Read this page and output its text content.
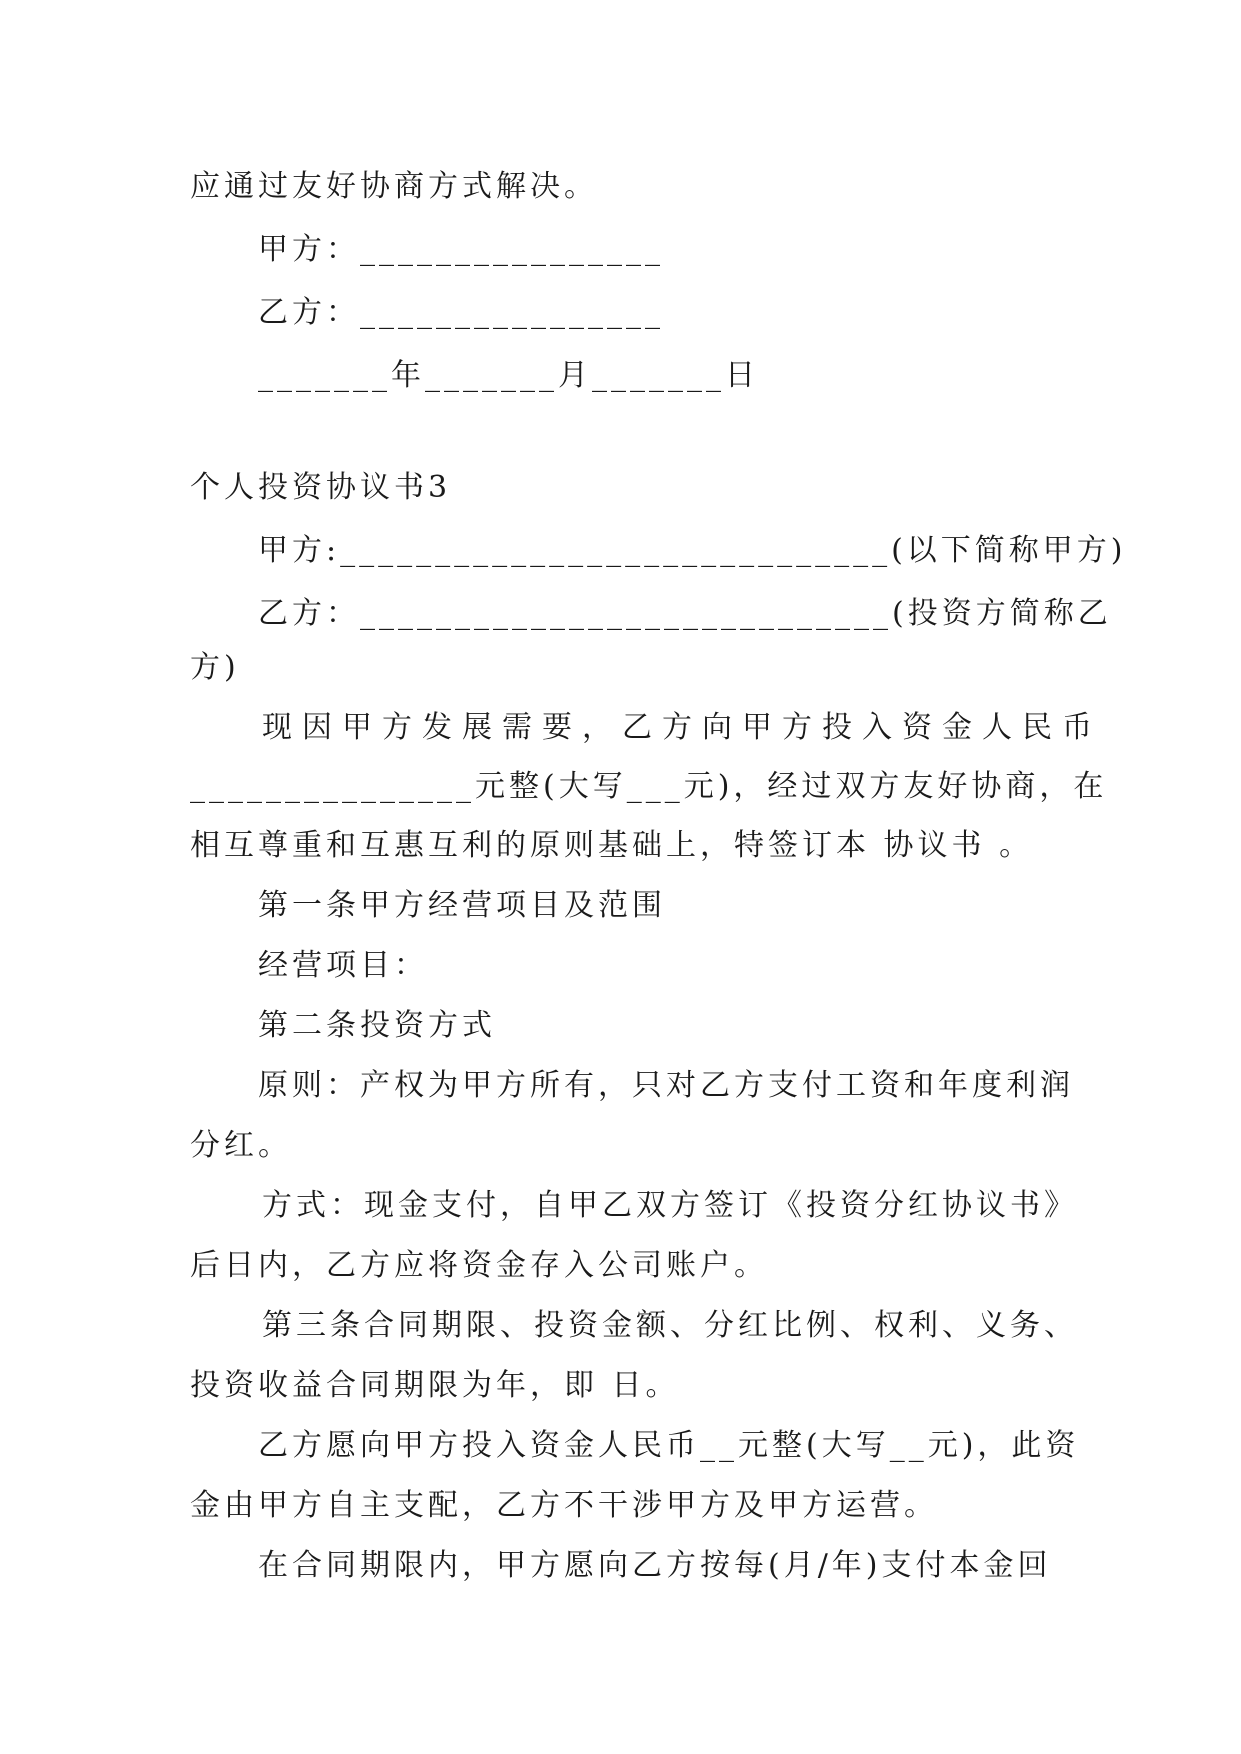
应通过友好协商方式解决。
甲方：________________
乙方：________________
_______年_______月_______日
个人投资协议书3
甲方:_____________________________(以下简称甲方)
乙方：____________________________(投资方简称乙
方)
现因甲方发展需要，乙方向甲方投入资金人民币
_______________元整(大写___元)，经过双方友好协商，在
相互尊重和互惠互利的原则基础上，特签订本 协议书 。
第一条甲方经营项目及范围
经营项目：
第二条投资方式
原则：产权为甲方所有，只对乙方支付工资和年度利润
分红。
方式：现金支付，自甲乙双方签订《投资分红协议书》
后日内，乙方应将资金存入公司账户。
第三条合同期限、投资金额、分红比例、权利、义务、
投资收益合同期限为年，即 日。
乙方愿向甲方投入资金人民币__元整(大写__元)，此资
金由甲方自主支配，乙方不干涉甲方及甲方运营。
在合同期限内，甲方愿向乙方按每(月/年)支付本金回
